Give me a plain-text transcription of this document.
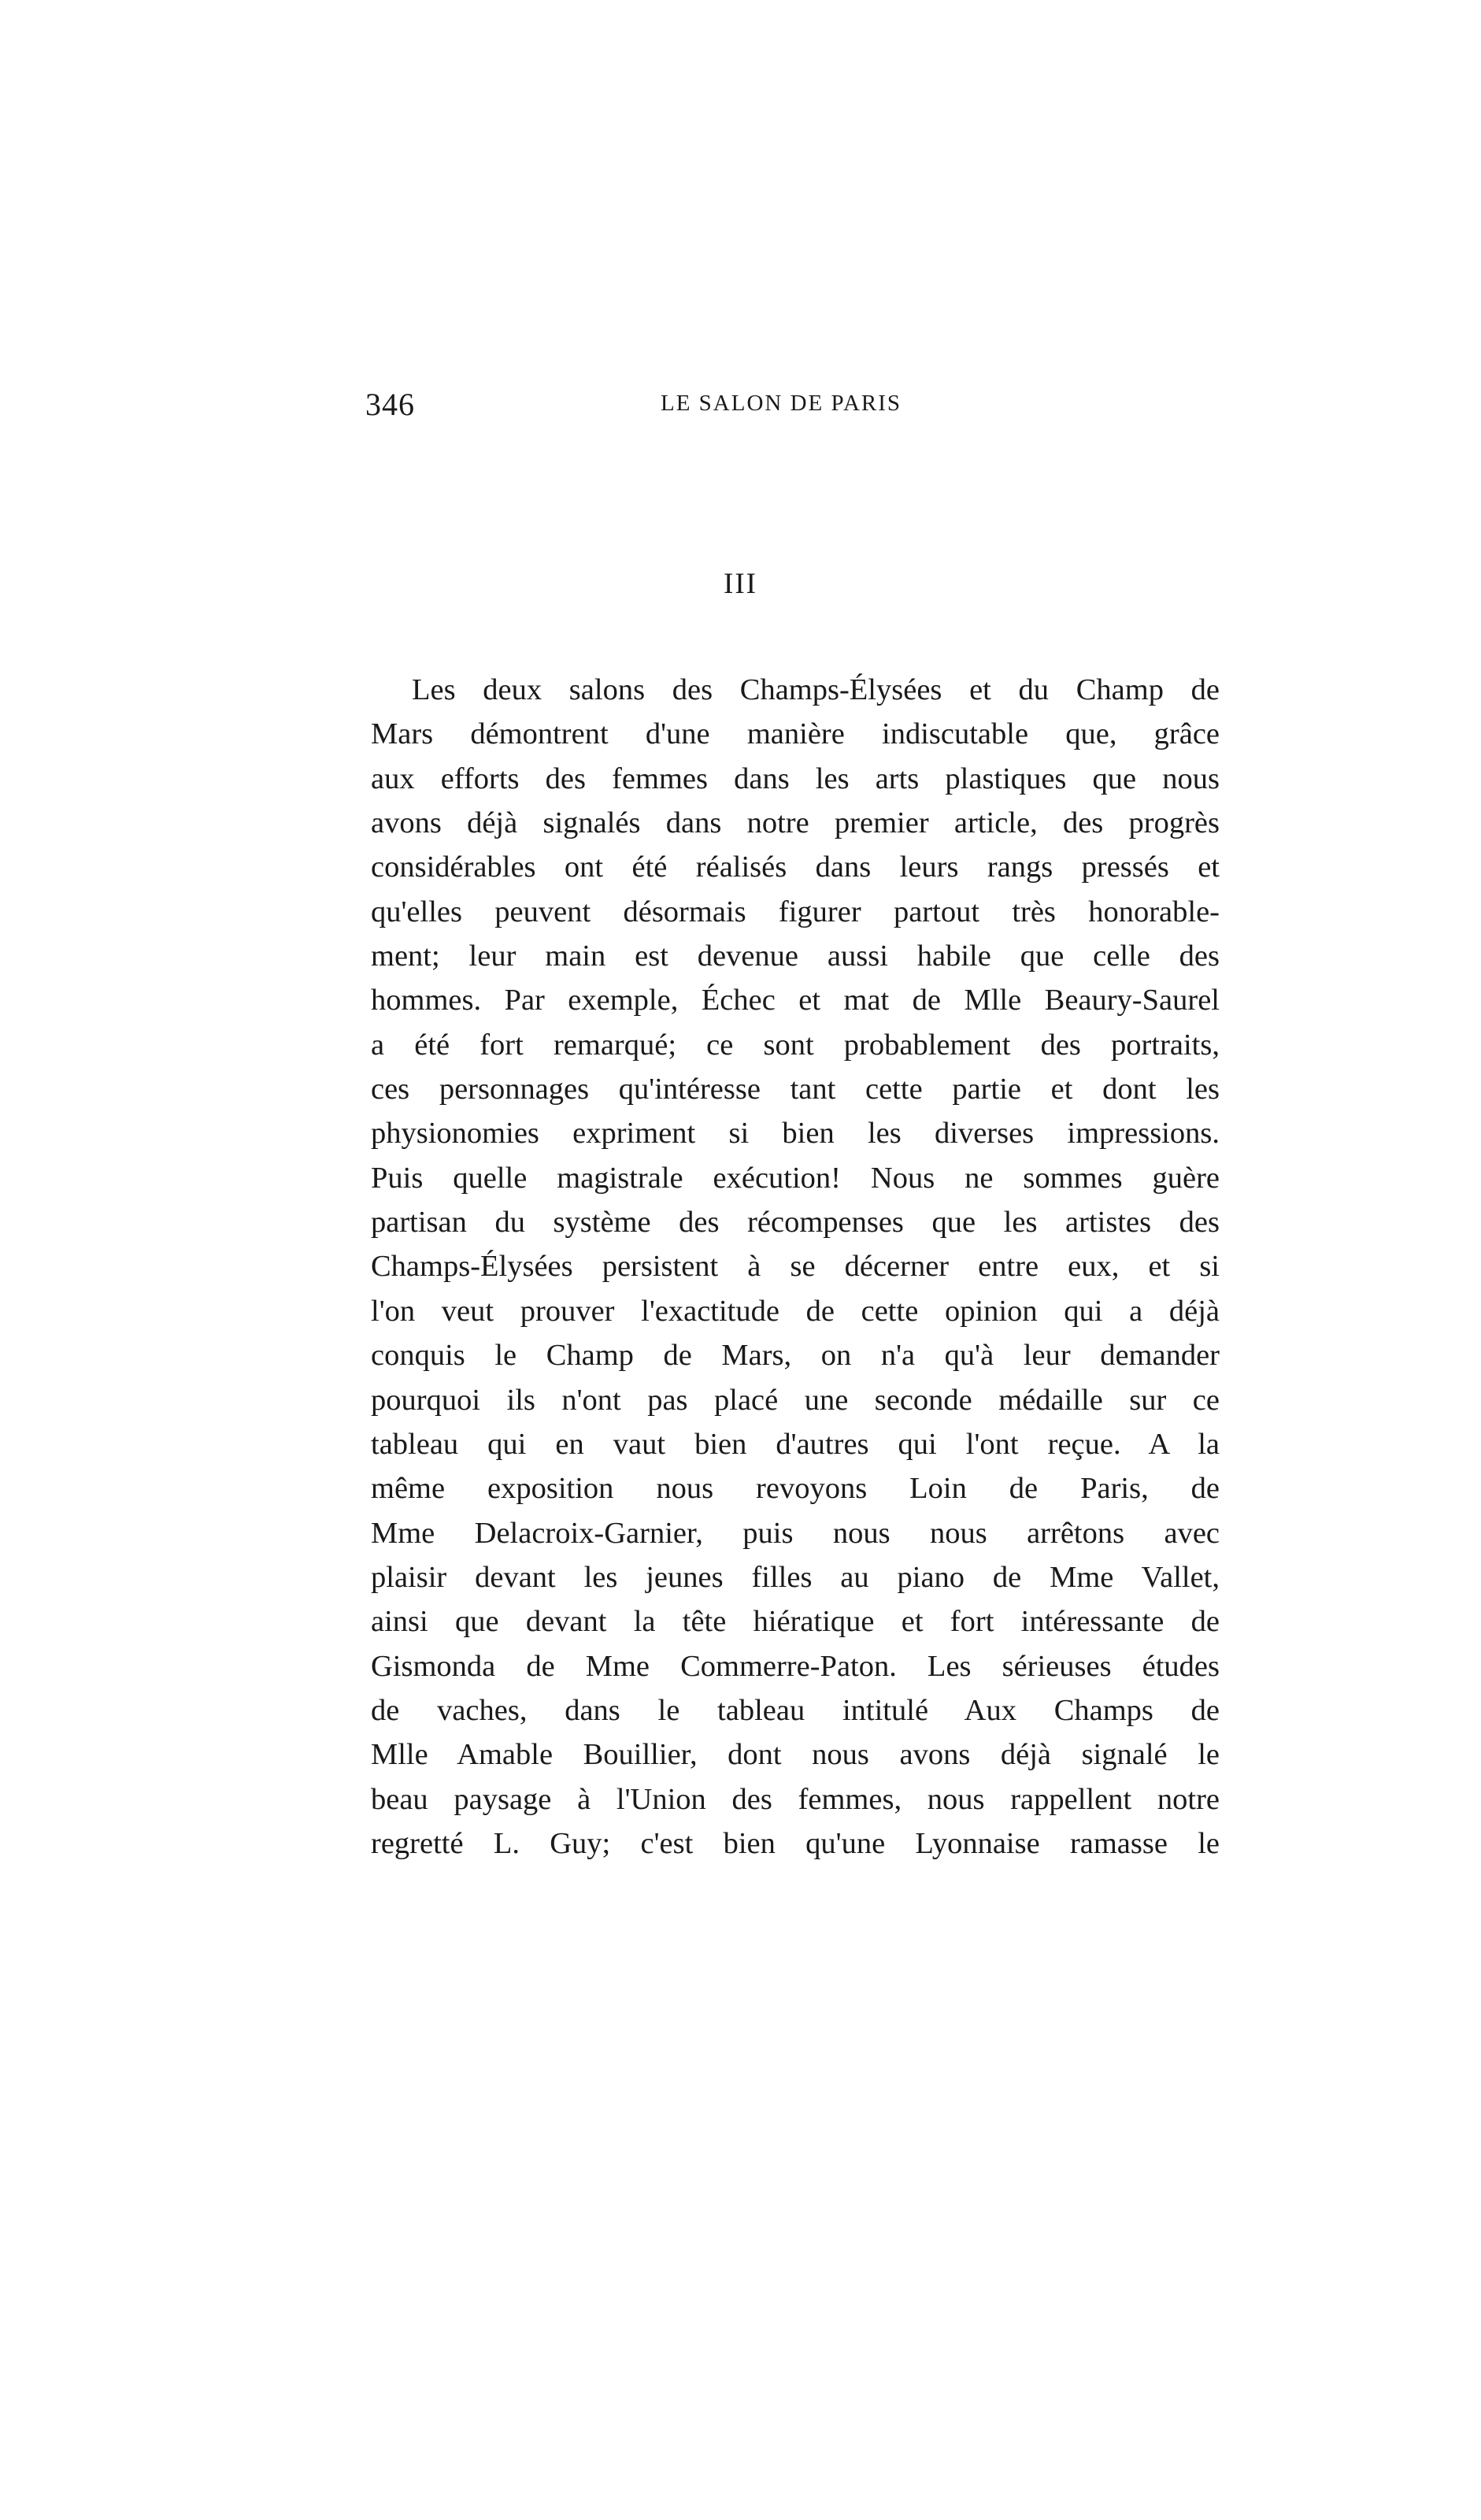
346	LE SALON DE PARIS
III
Les deux salons des Champs-Élysées et du Champ de
Mars démontrent d'une manière indiscutable que, grâce
aux efforts des femmes dans les arts plastiques que nous
avons déjà signalés dans notre premier article, des progrès
considérables ont été réalisés dans leurs rangs pressés et
qu'elles peuvent désormais figurer partout très honorable-
ment; leur main est devenue aussi habile que celle des
hommes. Par exemple, Échec et mat de Mlle Beaury-Saurel
a été fort remarqué; ce sont probablement des portraits,
ces personnages qu'intéresse tant cette partie et dont les
physionomies expriment si bien les diverses impressions.
Puis quelle magistrale exécution! Nous ne sommes guère
partisan du système des récompenses que les artistes des
Champs-Élysées persistent à se décerner entre eux, et si
l'on veut prouver l'exactitude de cette opinion qui a déjà
conquis le Champ de Mars, on n'a qu'à leur demander
pourquoi ils n'ont pas placé une seconde médaille sur ce
tableau qui en vaut bien d'autres qui l'ont reçue. A la
même exposition nous revoyons Loin de Paris, de
Mme Delacroix-Garnier, puis nous nous arrêtons avec
plaisir devant les jeunes filles au piano de Mme Vallet,
ainsi que devant la tête hiératique et fort intéressante de
Gismonda de Mme Commerre-Paton. Les sérieuses études
de vaches, dans le tableau intitulé Aux Champs de
Mlle Amable Bouillier, dont nous avons déjà signalé le
beau paysage à l'Union des femmes, nous rappellent notre
regretté L. Guy; c'est bien qu'une Lyonnaise ramasse le
